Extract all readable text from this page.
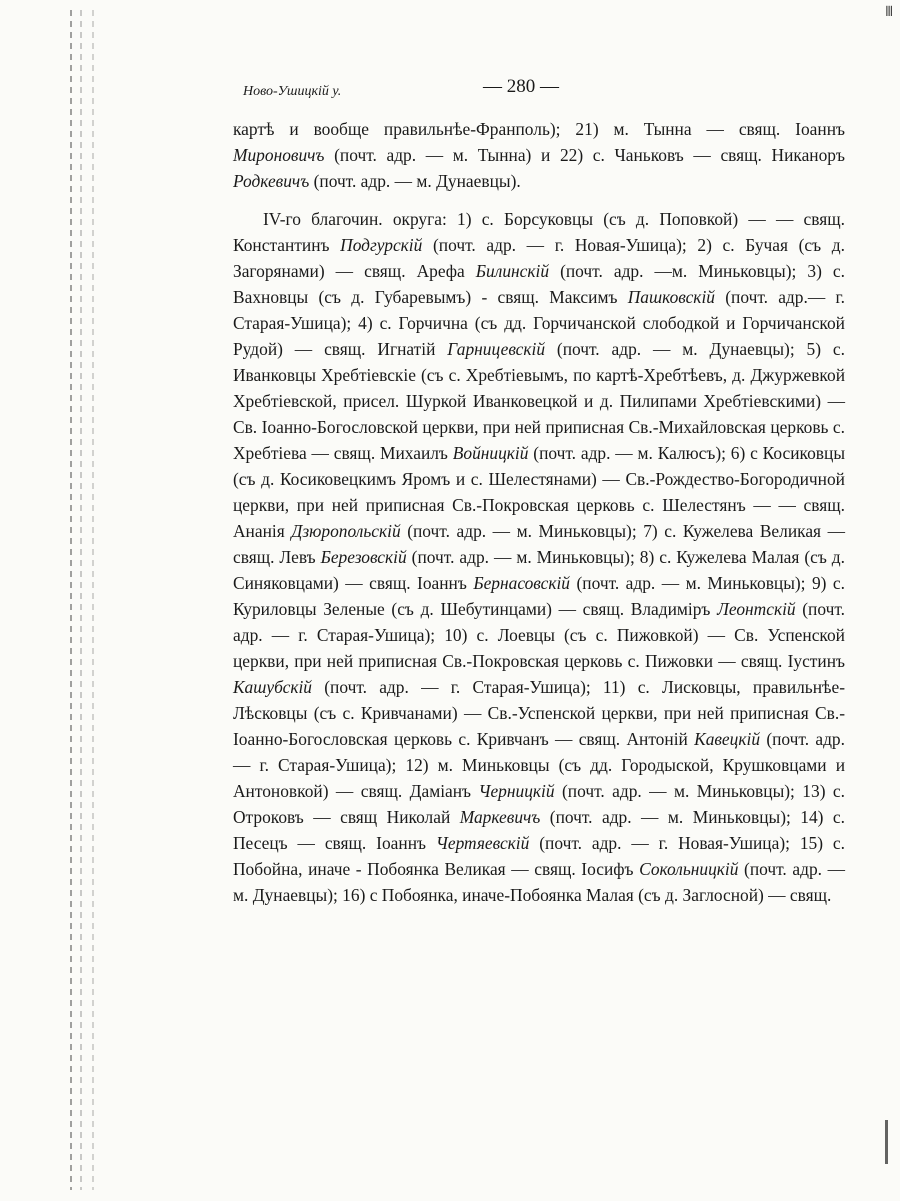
ꟾꟾꟾ
Ново-Ушицкій у.	— 280 —

картѣ и вообще правильнѣе-Франполь); 21) м. Тынна — свящ. Іоаннъ Мироновичъ (почт. адр. — м. Тынна) и 22) с. Чаньковъ — свящ. Никаноръ Родкевичъ (почт. адр. — м. Дунаевцы).

IV-го благочин. округа: 1) с. Борсуковцы (съ д. Поповкой) — — свящ. Константинъ Подгурскій (почт. адр. — г. Новая-Ушица); 2) с. Бучая (съ д. Загорянами) — свящ. Арефа Билинскій (почт. адр. —м. Миньковцы); 3) с. Вахновцы (съ д. Губаревымъ) - свящ. Максимъ Пашковскій (почт. адр.— г. Старая-Ушица); 4) с. Горчична (съ дд. Горчичанской слободкой и Горчичанской Рудой) — свящ. Игнатій Гарницевскій (почт. адр. — м. Дунаевцы); 5) с. Иванковцы Хребтіевскіе (съ с. Хребтіевымъ, по картѣ-Хребтѣевъ, д. Джуржевкой Хребтіевской, присел. Шуркой Иванковецкой и д. Пилипами Хребтіевскими) — Св. Іоанно-Богословской церкви, при ней приписная Св.-Михайловская церковь с. Хребтіева — свящ. Михаилъ Войницкій (почт. адр. — м. Калюсъ); 6) с Косиковцы (съ д. Косиковецкимъ Яромъ и с. Шелестянами) — Св.-Рождество-Богородичной церкви, при ней приписная Св.-Покровская церковь с. Шелестянъ — — свящ. Ананія Дзюропольскій (почт. адр. — м. Миньковцы); 7) с. Кужелева Великая — свящ. Левъ Березовскій (почт. адр. — м. Миньковцы); 8) с. Кужелева Малая (съ д. Синяковцами) — свящ. Іоаннъ Бернасовскій (почт. адр. — м. Миньковцы); 9) с. Куриловцы Зеленые (съ д. Шебутинцами) — свящ. Владиміръ Леонтскій (почт. адр. — г. Старая-Ушица); 10) с. Лоевцы (съ с. Пижовкой) — Св. Успенской церкви, при ней приписная Св.-Покровская церковь с. Пижовки — свящ. Іустинъ Кашубскій (почт. адр. — г. Старая-Ушица); 11) с. Лисковцы, правильнѣе-Лѣсковцы (съ с. Кривчанами) — Св.-Успенской церкви, при ней приписная Св.-Іоанно-Богословская церковь с. Кривчанъ — свящ. Антоній Кавецкій (почт. адр. — г. Старая-Ушица); 12) м. Миньковцы (съ дд. Городыской, Крушковцами и Антоновкой) — свящ. Даміанъ Черницкій (почт. адр. — м. Миньковцы); 13) с. Отроковъ — свящ Николай Маркевичъ (почт. адр. — м. Миньковцы); 14) с. Песецъ — свящ. Іоаннъ Чертяевскій (почт. адр. — г. Новая-Ушица); 15) с. Побойна, иначе - Побоянка Великая — свящ. Іосифъ Сокольницкій (почт. адр. — м. Дунаевцы); 16) с Побоянка, иначе-Побоянка Малая (съ д. Заглосной) — свящ.
